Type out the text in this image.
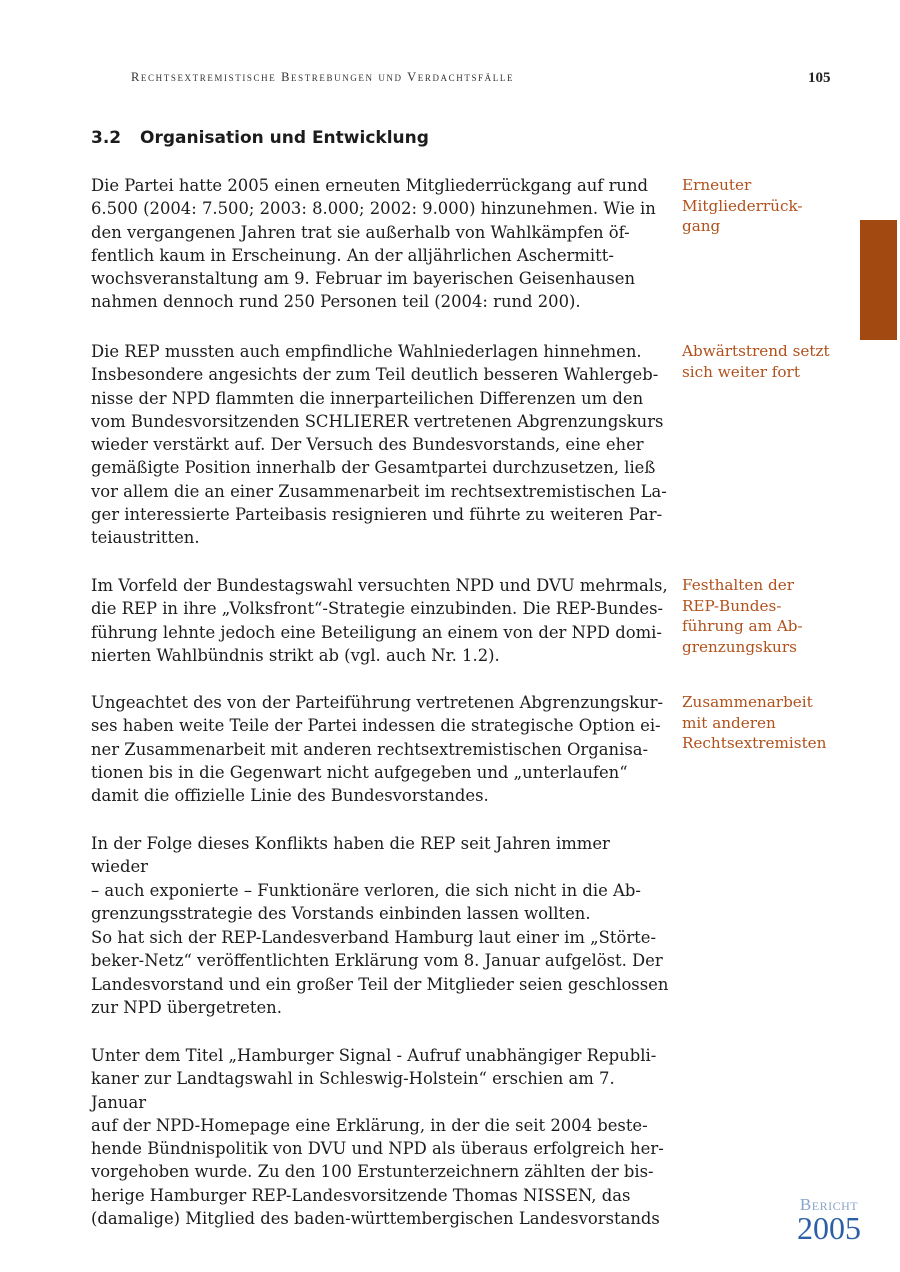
Rechtsextremistische Bestrebungen und Verdachtsfälle	105
3.2 Organisation und Entwicklung

Die Partei hatte 2005 einen erneuten Mitgliederrückgang auf rund
6.500 (2004: 7.500; 2003: 8.000; 2002: 9.000) hinzunehmen. Wie in
den vergangenen Jahren trat sie außerhalb von Wahlkämpfen öf-
fentlich kaum in Erscheinung. An der alljährlichen Aschermitt-
wochsveranstaltung am 9. Februar im bayerischen Geisenhausen
nahmen dennoch rund 250 Personen teil (2004: rund 200).

Die REP mussten auch empfindliche Wahlniederlagen hinnehmen.
Insbesondere angesichts der zum Teil deutlich besseren Wahlergeb-
nisse der NPD flammten die innerparteilichen Differenzen um den
vom Bundesvorsitzenden SCHLIERER vertretenen Abgrenzungskurs
wieder verstärkt auf. Der Versuch des Bundesvorstands, eine eher
gemäßigte Position innerhalb der Gesamtpartei durchzusetzen, ließ
vor allem die an einer Zusammenarbeit im rechtsextremistischen La-
ger interessierte Parteibasis resignieren und führte zu weiteren Par-
teiaustritten.

Im Vorfeld der Bundestagswahl versuchten NPD und DVU mehrmals,
die REP in ihre „Volksfront“-Strategie einzubinden. Die REP-Bundes-
führung lehnte jedoch eine Beteiligung an einem von der NPD domi-
nierten Wahlbündnis strikt ab (vgl. auch Nr. 1.2).

Ungeachtet des von der Parteiführung vertretenen Abgrenzungskur-
ses haben weite Teile der Partei indessen die strategische Option ei-
ner Zusammenarbeit mit anderen rechtsextremistischen Organisa-
tionen bis in die Gegenwart nicht aufgegeben und „unterlaufen“
damit die offizielle Linie des Bundesvorstandes.

In der Folge dieses Konflikts haben die REP seit Jahren immer wieder
– auch exponierte – Funktionäre verloren, die sich nicht in die Ab-
grenzungsstrategie des Vorstands einbinden lassen wollten.

So hat sich der REP-Landesverband Hamburg laut einer im „Störte-
beker-Netz“ veröffentlichten Erklärung vom 8. Januar aufgelöst. Der
Landesvorstand und ein großer Teil der Mitglieder seien geschlossen
zur NPD übergetreten.

Unter dem Titel „Hamburger Signal - Aufruf unabhängiger Republi-
kaner zur Landtagswahl in Schleswig-Holstein“ erschien am 7. Januar
auf der NPD-Homepage eine Erklärung, in der die seit 2004 beste-
hende Bündnispolitik von DVU und NPD als überaus erfolgreich her-
vorgehoben wurde. Zu den 100 Erstunterzeichnern zählten der bis-
herige Hamburger REP-Landesvorsitzende Thomas NISSEN, das
(damalige) Mitglied des baden-württembergischen Landesvorstands

Erneuter
Mitgliederrück-
gang

Abwärtstrend setzt
sich weiter fort

Festhalten der
REP-Bundes-
führung am Ab-
grenzungskurs

Zusammenarbeit
mit anderen
Rechtsextremisten

Bericht
2005
